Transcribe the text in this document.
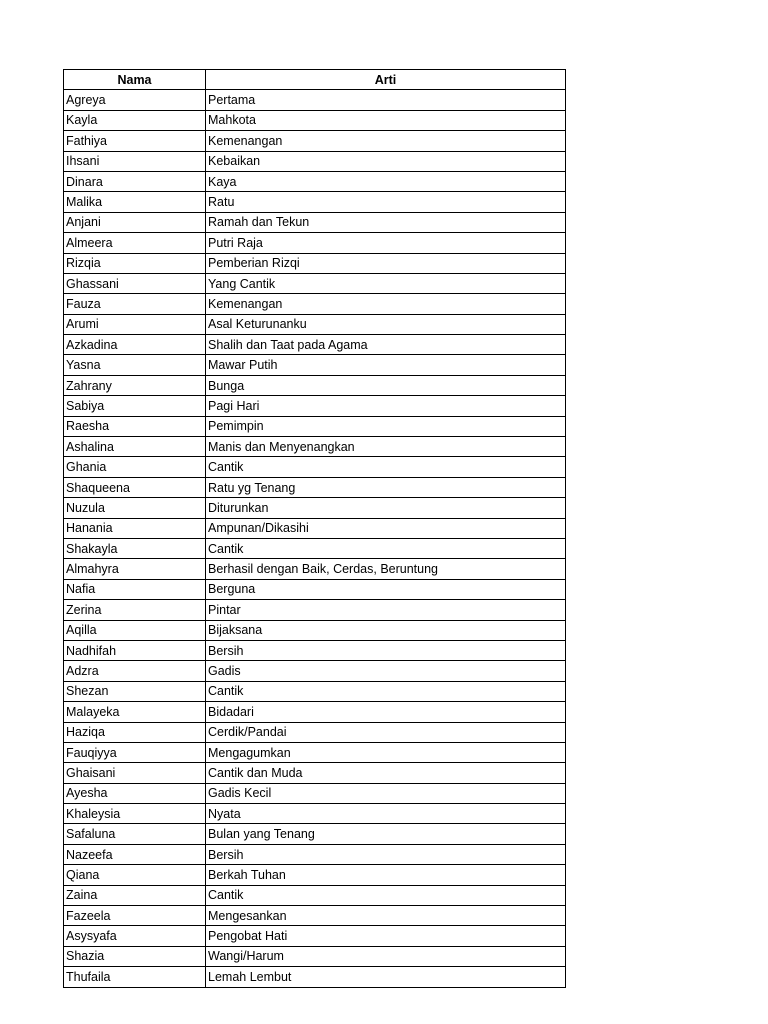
Nama	Arti
Agreya	Pertama
Kayla	Mahkota
Fathiya	Kemenangan
Ihsani	Kebaikan
Dinara	Kaya
Malika	Ratu
Anjani	Ramah dan Tekun
Almeera	Putri Raja
Rizqia	Pemberian Rizqi
Ghassani	Yang Cantik
Fauza	Kemenangan
Arumi	Asal Keturunanku
Azkadina	Shalih dan Taat pada Agama
Yasna	Mawar Putih
Zahrany	Bunga
Sabiya	Pagi Hari
Raesha	Pemimpin
Ashalina	Manis dan Menyenangkan
Ghania	Cantik
Shaqueena	Ratu yg Tenang
Nuzula	Diturunkan
Hanania	Ampunan/Dikasihi
Shakayla	Cantik
Almahyra	Berhasil dengan Baik, Cerdas, Beruntung
Nafia	Berguna
Zerina	Pintar
Aqilla	Bijaksana
Nadhifah	Bersih
Adzra	Gadis
Shezan	Cantik
Malayeka	Bidadari
Haziqa	Cerdik/Pandai
Fauqiyya	Mengagumkan
Ghaisani	Cantik dan Muda
Ayesha	Gadis Kecil
Khaleysia	Nyata
Safaluna	Bulan yang Tenang
Nazeefa	Bersih
Qiana	Berkah Tuhan
Zaina	Cantik
Fazeela	Mengesankan
Asysyafa	Pengobat Hati
Shazia	Wangi/Harum
Thufaila	Lemah Lembut
